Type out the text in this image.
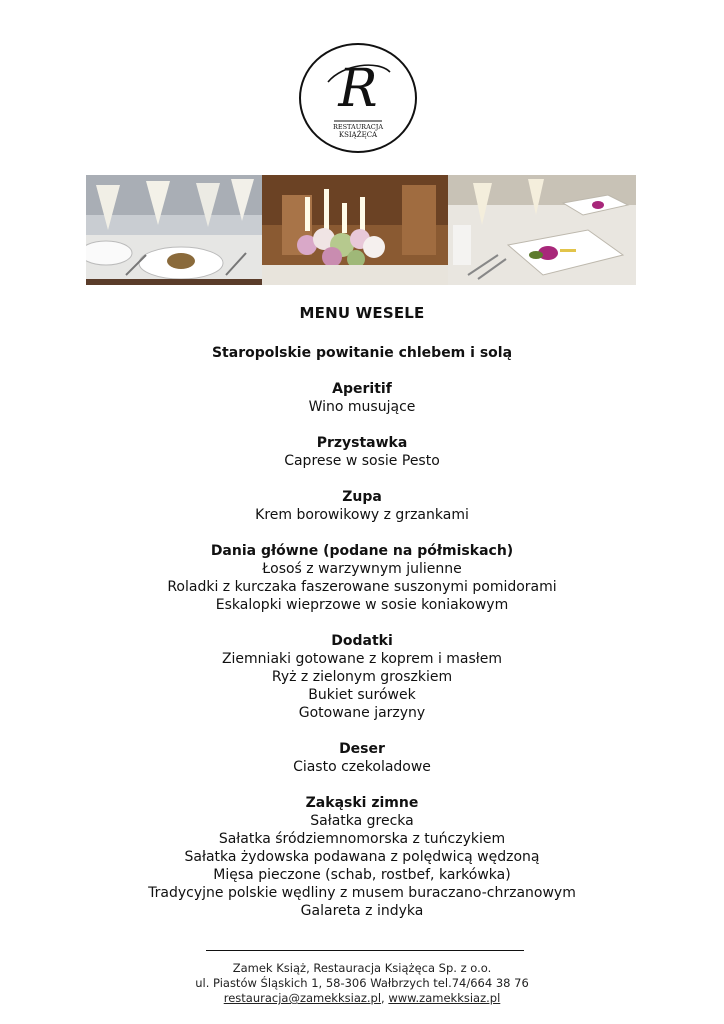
R
RESTAURACJA
KSIĄŻĘCA
MENU WESELE
Staropolskie powitanie chlebem i solą
Aperitif
Wino musujące
Przystawka
Caprese w sosie Pesto
Zupa
Krem borowikowy z grzankami
Dania główne (podane na półmiskach)
Łosoś z warzywnym julienne
Roladki z kurczaka faszerowane suszonymi pomidorami
Eskalopki wieprzowe w sosie koniakowym
Dodatki
Ziemniaki gotowane z koprem i masłem
Ryż z zielonym groszkiem
Bukiet surówek
Gotowane jarzyny
Deser
Ciasto czekoladowe
Zakąski zimne
Sałatka grecka
Sałatka śródziemnomorska z tuńczykiem
Sałatka żydowska podawana z polędwicą wędzoną
Mięsa pieczone (schab, rostbef, karkówka)
Tradycyjne polskie wędliny z musem buraczano-chrzanowym
Galareta z indyka
Zamek Książ, Restauracja Książęca Sp. z o.o.
ul. Piastów Śląskich 1, 58-306 Wałbrzych tel.74/664 38 76
restauracja@zamekksiaz.pl, www.zamekksiaz.pl
